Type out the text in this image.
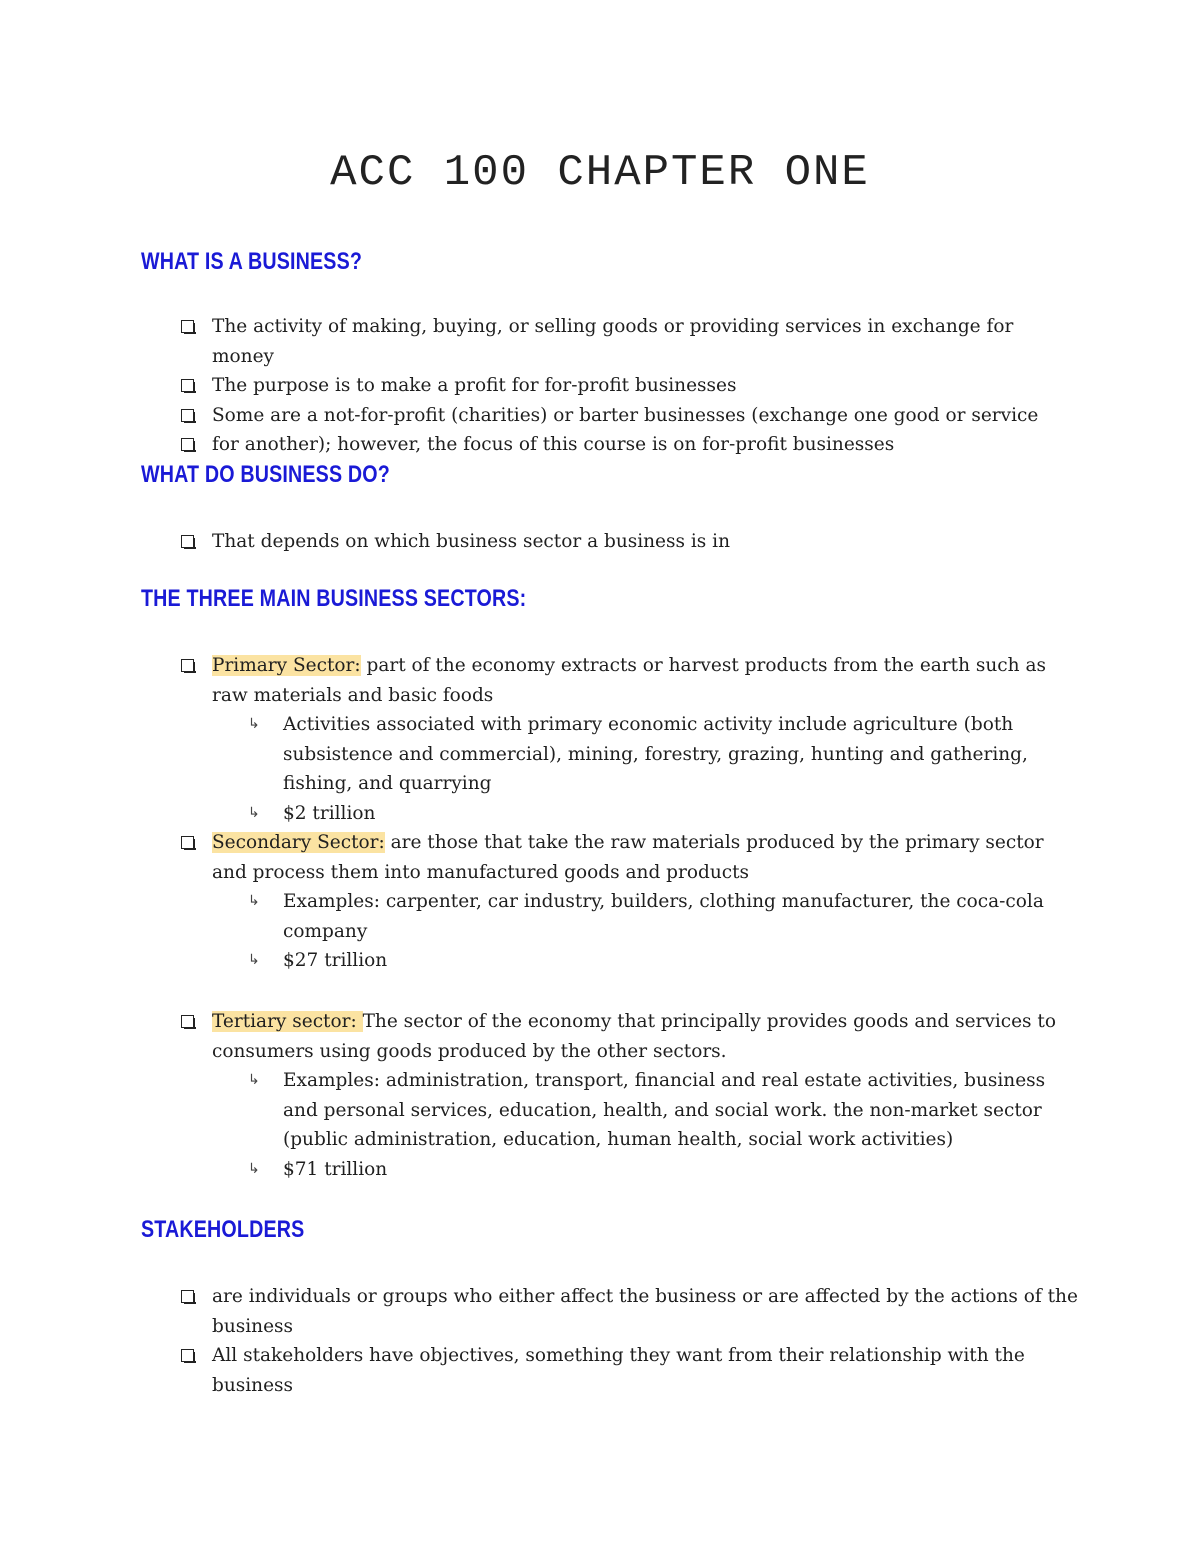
ACC 100 CHAPTER ONE
WHAT IS A BUSINESS?
The activity of making, buying, or selling goods or providing services in exchange for money
The purpose is to make a profit for for-profit businesses
Some are a not-for-profit (charities) or barter businesses (exchange one good or service
for another); however, the focus of this course is on for-profit businesses
WHAT DO BUSINESS DO?
That depends on which business sector a business is in
THE THREE MAIN BUSINESS SECTORS:
Primary Sector: part of the economy extracts or harvest products from the earth such as raw materials and basic foods
↳ Activities associated with primary economic activity include agriculture (both subsistence and commercial), mining, forestry, grazing, hunting and gathering, fishing, and quarrying
↳ $2 trillion
Secondary Sector: are those that take the raw materials produced by the primary sector and process them into manufactured goods and products
↳ Examples: carpenter, car industry, builders, clothing manufacturer, the coca-cola company
↳ $27 trillion
Tertiary sector: The sector of the economy that principally provides goods and services to consumers using goods produced by the other sectors.
↳ Examples: administration, transport, financial and real estate activities, business and personal services, education, health, and social work. the non-market sector (public administration, education, human health, social work activities)
↳ $71 trillion
STAKEHOLDERS
are individuals or groups who either affect the business or are affected by the actions of the business
All stakeholders have objectives, something they want from their relationship with the business
